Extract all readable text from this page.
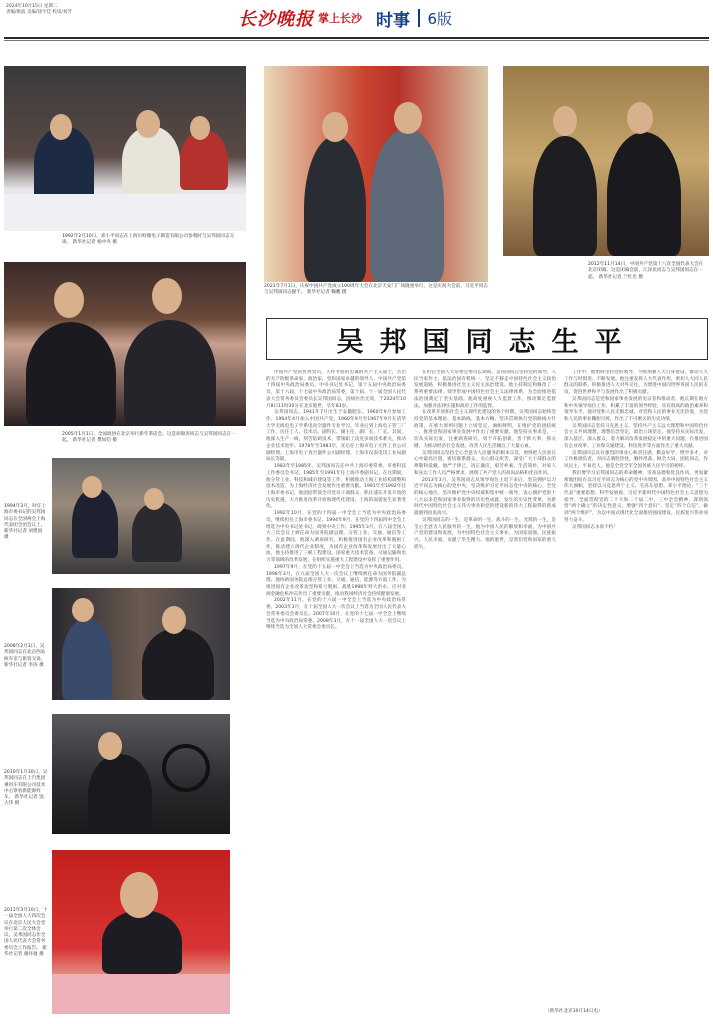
2024年10月15日 星期二
责编/耿波 美编/徐宇佳 校读/刘芳	长沙晚报 掌上长沙 时事 6版
1992年2月10日，邓小平同志在上海贝岭微电子制造有限公司参观时与吴邦国同志交谈。 新华社记者 杨中央 摄
2021年7月1日，庆祝中国共产党成立100周年大会在北京天安门广场隆重举行。这是庆祝大会前，习近平同志与吴邦国同志握手。 新华社记者 鞠鹏 摄
2012年11月14日，中国共产党第十八次全国代表大会在北京闭幕。这是闭幕会前，江泽民同志与吴邦国同志在一起。 新华社记者 兰红光 摄
2005年1月1日，全国政协在北京举行新年茶话会。这是胡锦涛同志与吴邦国同志在一起。 新华社记者 樊如钧 摄
吴邦国同志生平
1994年3月，时任上海市委书记的吴邦国同志在全国两会上海代表团全团会议上。 新华社记者 刘建国 摄
2008年2月3日，吴邦国同志在北京西站候车室与旅客交谈。 新华社记者 李涛 摄
2010年1月30日，吴邦国同志在上汽集团乘用车有限公司技术中心察看新能源样车。 新华社记者 饶大伟 摄
2011年3月10日，十一届全国人大四次会议在北京人民大会堂举行第二次全体会议。吴邦国同志作全国人民代表大会常务委员会工作报告。 新华社记者 谢环驰 摄

中国共产党的优秀党员，久经考验的忠诚的共产主义战士，杰出的无产阶级革命家、政治家，党和国家卓越的领导人，中国共产党第十四届中央政治局委员，中央书记处书记，第十五届中央政治局委员，第十六届、十七届中央政治局常委，第十届、十一届全国人民代表大会常务委员会委员长吴邦国同志，因病医治无效，于2024年10月8日11时30分在北京逝世，享年83岁。

吴邦国同志，1941年7月出生于安徽肥东。1960年9月参加工作，1964年4月加入中国共产党。1960年9月至1967年9月在清华大学无线电电子学系电真空器件专业学习。毕业后到上海电子管三厂工作，历任工人、技术员、副科长、副主任、副厂长、厂长。其间，他深入生产一线，刻苦钻研技术，带领职工攻克多项技术难关，推动企业技术进步。1978年至1983年，先后任上海市电子元件工业公司副经理、上海市电子真空器件公司副经理、上海市仪表电讯工业局副局长等职。

1983年至1985年，吴邦国同志任中共上海市委常委、市委科技工作委员会书记。1985年至1991年任上海市委副书记。在这期间，他分管工业、科技和城市建设等工作，积极推动上海工业结构调整和技术改造，为上海经济社会发展作出重要贡献。1991年至1992年任上海市委书记，他团结带领全市党员干部群众，抓住浦东开发开放的历史机遇，大力推进改革开放和现代化建设，上海的面貌发生显著变化。

1992年10月，在党的十四届一中全会上当选为中央政治局委员，继续担任上海市委书记。1994年9月，在党的十四届四中全会上增选为中央书记处书记，调到中央工作。1995年3月，在八届全国人大三次会议上被任命为国务院副总理，分管工业、交通、通信等工作。在此期间，他深入调查研究，积极推进国有企业改革和脱困工作，推动建立现代企业制度，为国有企业改革和发展付出了大量心血。他主持推进了三峡工程建设、国家重大技术装备、交通运输和电力等领域的改革发展，在组织实施重大工程建设中发挥了重要作用。

1997年9月，在党的十五届一中全会上当选为中央政治局委员。1998年3月，在九届全国人大一次会议上继续被任命为国务院副总理。他协助国务院总理分管工业、交通、通信、能源等方面工作，为推进国有企业改革攻坚和扭亏脱困、战胜1998年特大洪水、应对亚洲金融危机冲击作出了重要贡献，推动我国经济社会持续健康发展。

2002年11月，在党的十六届一中全会上当选为中央政治局常委。2003年3月，在十届全国人大一次会议上当选为全国人民代表大会常务委员会委员长。2007年10月，在党的十七届一中全会上继续当选为中央政治局常委。2008年3月，在十一届全国人大一次会议上继续当选为全国人大常委会委员长。

在担任全国人大常委会委员长期间，吴邦国同志坚持党的领导、人民当家作主、依法治国有机统一，坚定不移走中国特色社会主义政治发展道路，积极推进社会主义民主法治建设。他主持制定和修改了一系列重要法律，领导形成中国特色社会主义法律体系，为全面推进依法治国奠定了坚实基础。他高度重视人大监督工作，推动制定监督法，加强对法律实施和政府工作的监督。

在改革开放和社会主义现代化建设的各个时期，吴邦国同志始终坚持党的基本理论、基本路线、基本方略，坚决贯彻执行党的路线方针政策，在重大原则问题上立场坚定、旗帜鲜明，在维护党的团结统一、推进党和国家事业发展中作出了重要贡献。他坚持实事求是、一切从实际出发，注重调查研究，勇于开拓创新，善于抓大事、抓关键，为推动经济社会发展、改善人民生活倾注了大量心血。

吴邦国同志坚持全心全意为人民服务的根本宗旨，始终把人民放在心中最高位置，密切联系群众，关心群众疾苦，深受广大干部群众的尊敬和爱戴。他严于律己，清正廉洁，艰苦朴素，生活简朴，对家人和身边工作人员严格要求，展现了共产党人的高尚品格和优良作风。

2013年3月，吴邦国同志从领导岗位上退下来后，坚决拥护以习近平同志为核心的党中央，坚决维护习近平同志党中央的核心、全党的核心地位，坚决维护党中央权威和集中统一领导，衷心拥护党的十八大以来党和国家事业取得的历史性成就、发生的历史性变革，为新时代中国特色社会主义伟大事业和党的建设新的伟大工程取得的新成就感到由衷高兴。

吴邦国同志的一生，是革命的一生、战斗的一生、光辉的一生，是全心全意为人民服务的一生。他为中国人民的解放和幸福，为中国共产党的建设和发展，为中国特色社会主义事业，为国家富强、民族振兴、人民幸福，贡献了毕生精力。他的逝世，是我们党和国家的重大损失。

工作中，他始终坚持党的领导，不断加强人大自身建设，推动人大工作与时俱进、不断发展。他注重发挥人大代表作用，密切人大同人民群众的联系，积极推进人大对外交往，为增进中国同世界各国人民的友谊、促进世界和平与发展作出了积极贡献。

吴邦国同志是党和国家事业发展的见证者和推动者。他长期在地方和中央领导岗位工作，积累了丰富的领导经验，具有很高的政治素养和领导水平。他对党和人民无限忠诚，对党和人民的事业无比热爱，为党和人民的事业鞠躬尽瘁，作出了不可磨灭的历史功绩。

吴邦国同志坚持马克思主义，坚持共产主义远大理想和中国特色社会主义共同理想，理想信念坚定，政治立场坚定。他坚持从实际出发，深入基层、深入群众，着力解决改革发展稳定中的重大问题，在推进国有企业改革、工业和交通建设、科技进步等方面作出了重大贡献。

吴邦国同志具有强烈的事业心和责任感，勤奋好学，博学多才，对工作极端负责，对同志满腔热忱，胸怀坦荡，顾全大局，团结同志，作风民主，平易近人。他是全党全军全国各族人民学习的榜样。

我们要学习吴邦国同志的革命精神、崇高品德和优良作风，更加紧密地团结在以习近平同志为核心的党中央周围，高举中国特色社会主义伟大旗帜，坚持以马克思列宁主义、毛泽东思想、邓小平理论、“三个代表”重要思想、科学发展观、习近平新时代中国特色社会主义思想为指导，全面贯彻党的二十大和二十届二中、三中全会精神，深刻领悟“两个确立”的决定性意义，增强“四个意识”、坚定“四个自信”、做到“两个维护”，为以中国式现代化全面推进强国建设、民族复兴伟业而努力奋斗。

吴邦国同志永垂不朽！

（新华社北京10月14日电）
